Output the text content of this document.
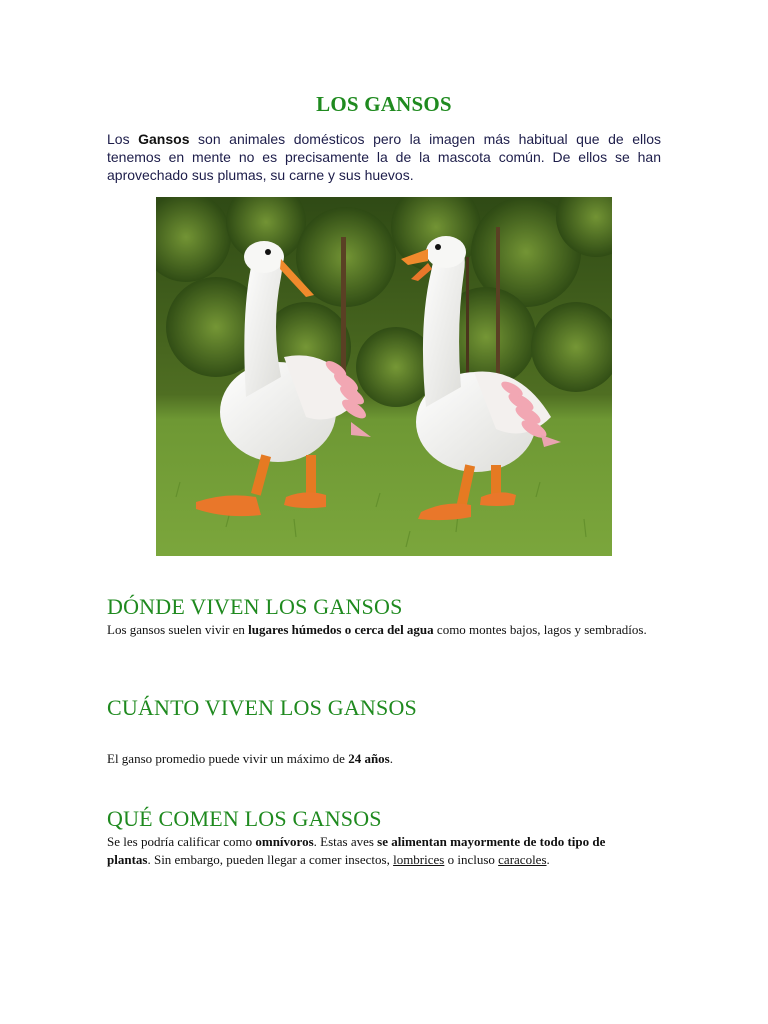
LOS GANSOS

Los Gansos son animales domésticos pero la imagen más habitual que de ellos tenemos en mente no es precisamente la de la mascota común. De ellos se han aprovechado sus plumas, su carne y sus huevos.

DÓNDE VIVEN LOS GANSOS

Los gansos suelen vivir en lugares húmedos o cerca del agua como montes bajos, lagos y sembradíos.

CUÁNTO VIVEN LOS GANSOS

El ganso promedio puede vivir un máximo de 24 años.

QUÉ COMEN LOS GANSOS

Se les podría calificar como omnívoros. Estas aves se alimentan mayormente de todo tipo de plantas. Sin embargo, pueden llegar a comer insectos, lombrices o incluso caracoles.
